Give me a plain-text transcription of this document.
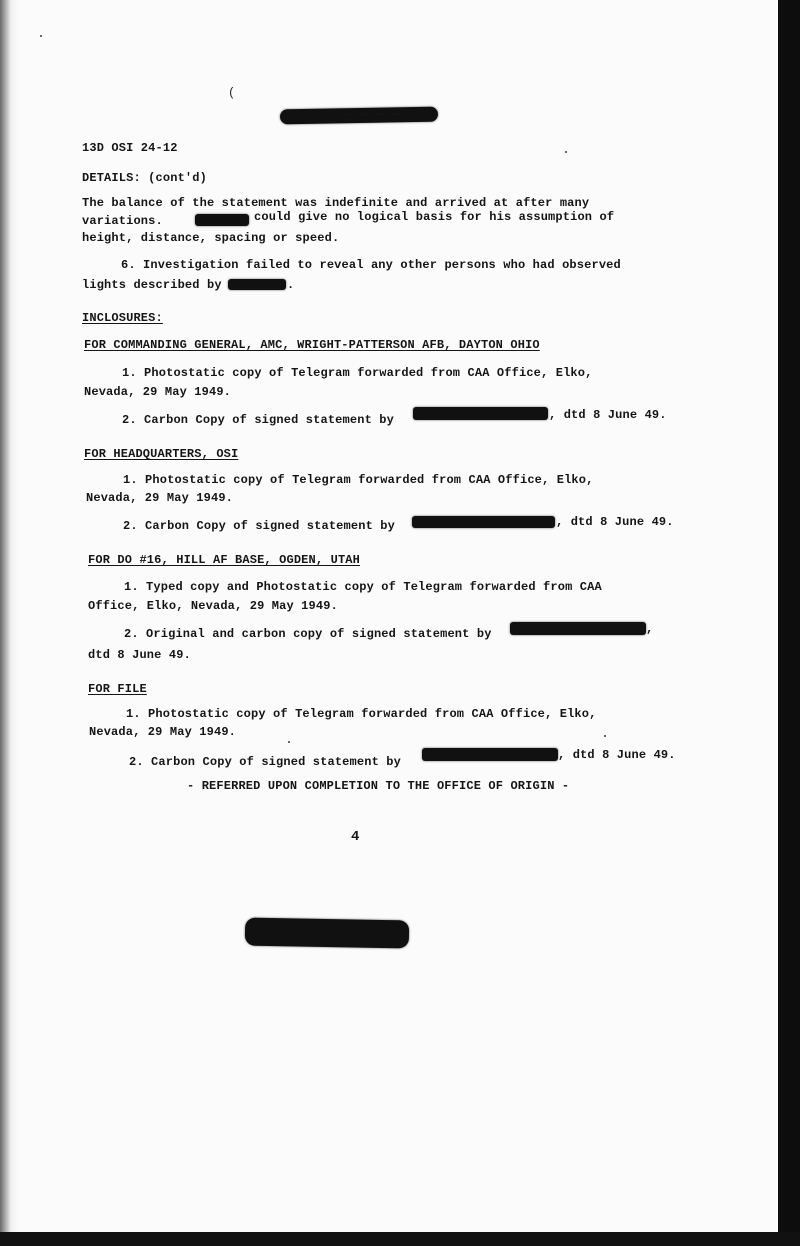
(
_ _ _ _
13D OSI 24-12
DETAILS: (cont'd)
The balance of the statement was indefinite and arrived at after many
variations.	could give no logical basis for his assumption of
height, distance, spacing or speed.
6. Investigation failed to reveal any other persons who had observed
lights described by	.
INCLOSURES:
FOR COMMANDING GENERAL, AMC, WRIGHT-PATTERSON AFB, DAYTON OHIO
1. Photostatic copy of Telegram forwarded from CAA Office, Elko,
Nevada, 29 May 1949.
2. Carbon Copy of signed statement by	, dtd 8 June 49.
FOR HEADQUARTERS, OSI
1. Photostatic copy of Telegram forwarded from CAA Office, Elko,
Nevada, 29 May 1949.
2. Carbon Copy of signed statement by	, dtd 8 June 49.
FOR DO #16, HILL AF BASE, OGDEN, UTAH
1. Typed copy and Photostatic copy of Telegram forwarded from CAA
Office, Elko, Nevada, 29 May 1949.
2. Original and carbon copy of signed statement by	,
dtd 8 June 49.
FOR FILE
1. Photostatic copy of Telegram forwarded from CAA Office, Elko,
Nevada, 29 May 1949.
2. Carbon Copy of signed statement by	, dtd 8 June 49.
- REFERRED UPON COMPLETION TO THE OFFICE OF ORIGIN -
4
